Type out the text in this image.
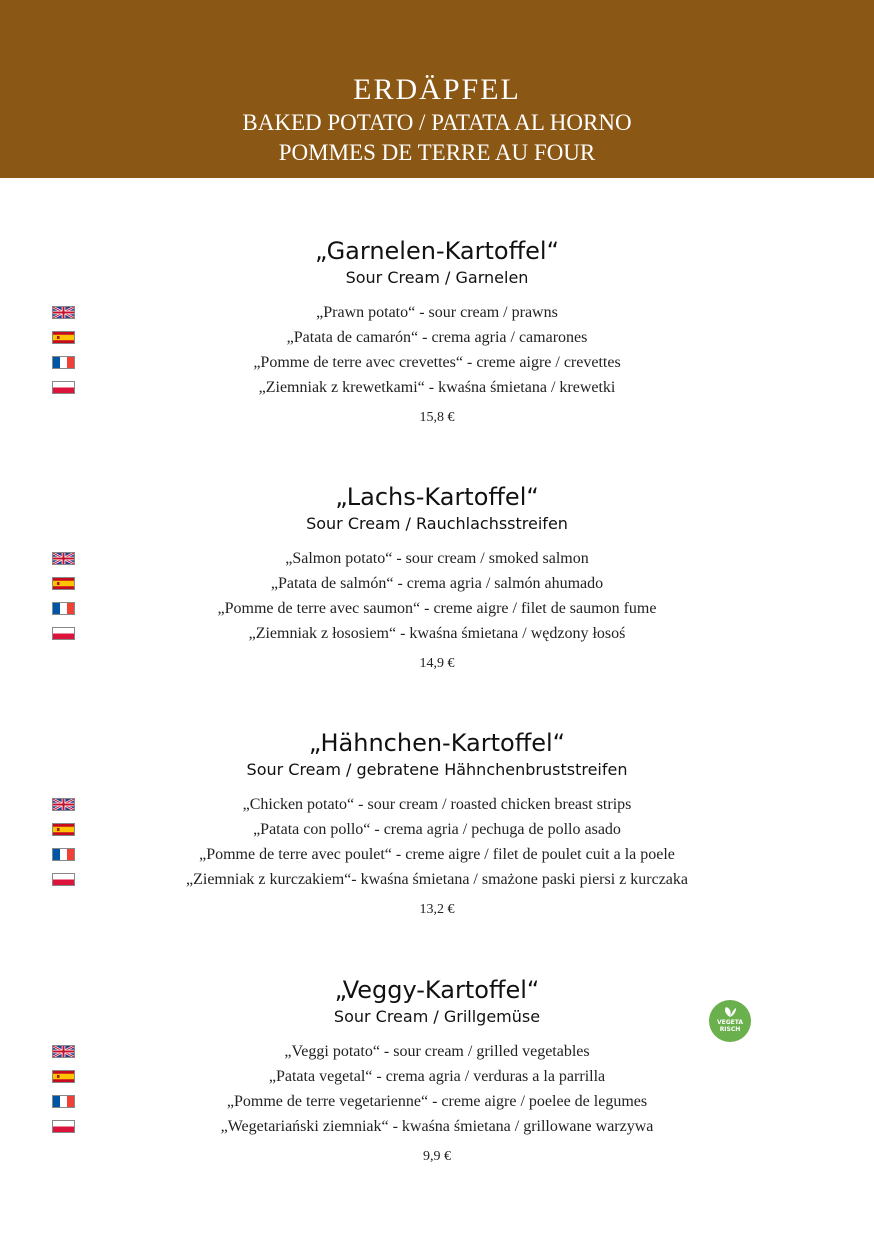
ERDÄPFEL
BAKED POTATO / PATATA AL HORNO
POMMES DE TERRE AU FOUR
„Garnelen-Kartoffel“
Sour Cream / Garnelen
„Prawn potato“ - sour cream / prawns
„Patata de camarón“ - crema agria / camarones
„Pomme de terre avec crevettes“ - creme aigre / crevettes
„Ziemniak z krewetkami“ - kwaśna śmietana / krewetki
15,8 €
„Lachs-Kartoffel“
Sour Cream / Rauchlachsstreifen
„Salmon potato“ - sour cream / smoked salmon
„Patata de salmón“ - crema agria / salmón ahumado
„Pomme de terre avec saumon“ - creme aigre / filet de saumon fume
„Ziemniak z łososiem“ - kwaśna śmietana / wędzony łosoś
14,9 €
„Hähnchen-Kartoffel“
Sour Cream / gebratene Hähnchenbruststreifen
„Chicken potato“ - sour cream / roasted chicken breast strips
„Patata con pollo“ - crema agria / pechuga de pollo asado
„Pomme de terre avec poulet“ - creme aigre / filet de poulet cuit a la poele
„Ziemniak z kurczakiem“- kwaśna śmietana / smażone paski piersi z kurczaka
13,2 €
„Veggy-Kartoffel“
Sour Cream / Grillgemüse
„Veggi potato“ - sour cream / grilled vegetables
„Patata vegetal“ - crema agria / verduras a la parrilla
„Pomme de terre vegetarienne“ - creme aigre / poelee de legumes
„Wegetariański ziemniak“ - kwaśna śmietana / grillowane warzywa
9,9 €
VEGETA
RISCH
